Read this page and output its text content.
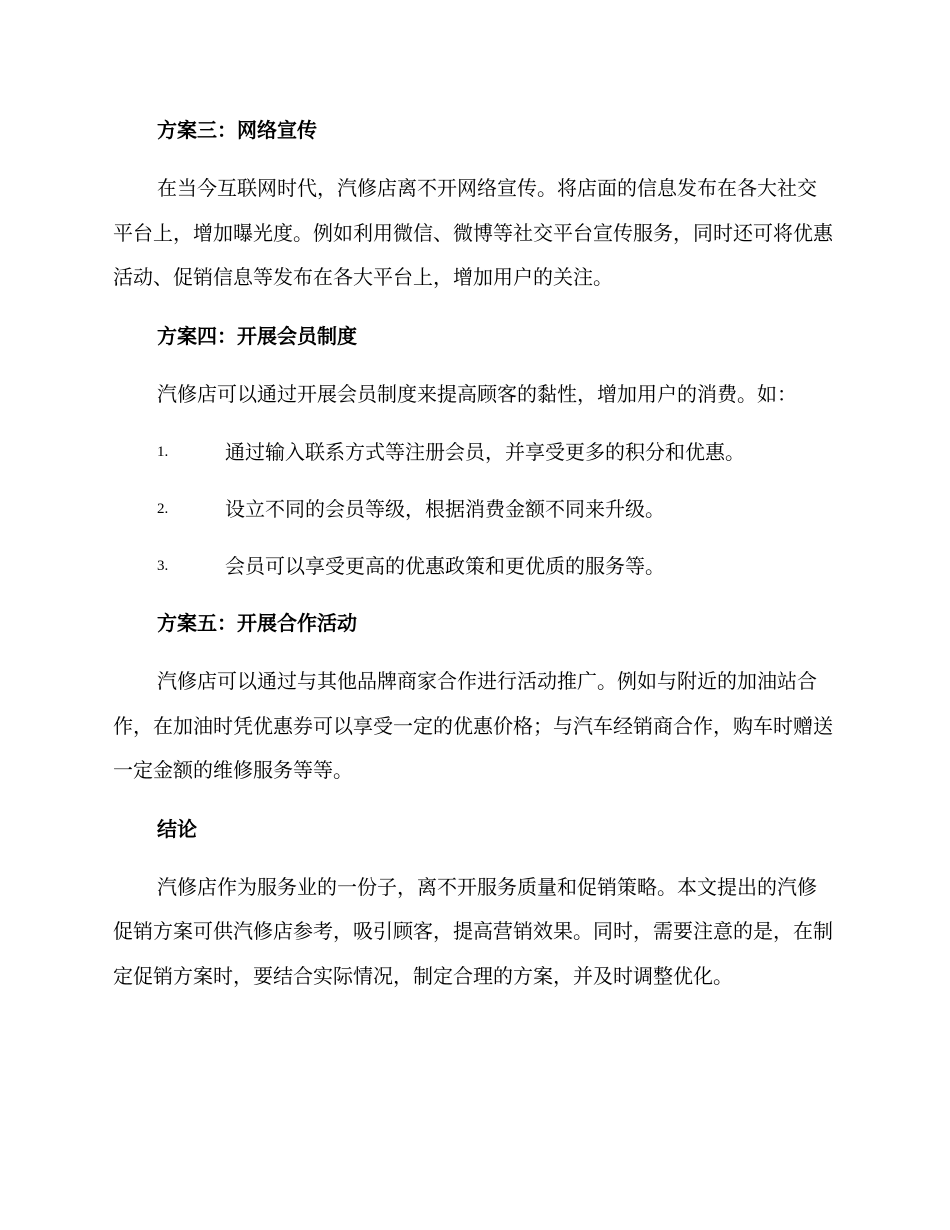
方案三：网络宣传

在当今互联网时代，汽修店离不开网络宣传。将店面的信息发布在各大社交平台上，增加曝光度。例如利用微信、微博等社交平台宣传服务，同时还可将优惠活动、促销信息等发布在各大平台上，增加用户的关注。

方案四：开展会员制度

汽修店可以通过开展会员制度来提高顾客的黏性，增加用户的消费。如：

1.	通过输入联系方式等注册会员，并享受更多的积分和优惠。
2.	设立不同的会员等级，根据消费金额不同来升级。
3.	会员可以享受更高的优惠政策和更优质的服务等。
方案五：开展合作活动

汽修店可以通过与其他品牌商家合作进行活动推广。例如与附近的加油站合作，在加油时凭优惠券可以享受一定的优惠价格；与汽车经销商合作，购车时赠送一定金额的维修服务等等。

结论

汽修店作为服务业的一份子，离不开服务质量和促销策略。本文提出的汽修促销方案可供汽修店参考，吸引顾客，提高营销效果。同时，需要注意的是，在制定促销方案时，要结合实际情况，制定合理的方案，并及时调整优化。
